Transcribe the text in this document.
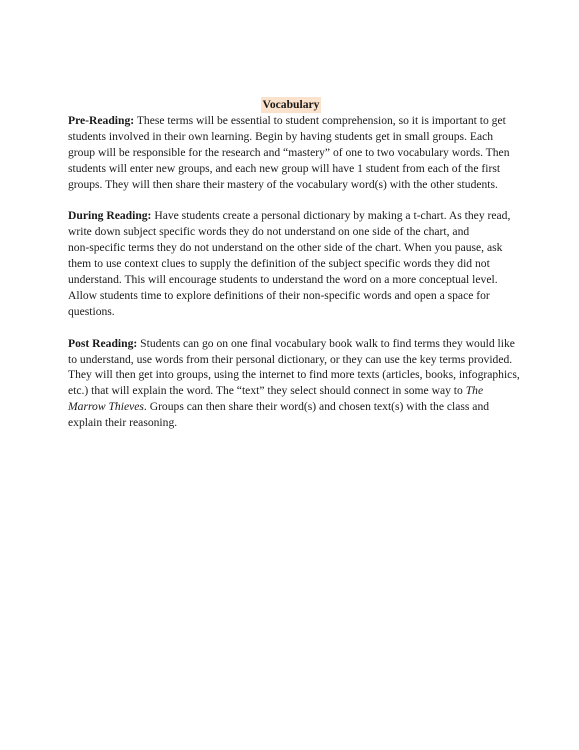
Vocabulary
Pre-Reading: These terms will be essential to student comprehension, so it is important to get
students involved in their own learning. Begin by having students get in small groups. Each
group will be responsible for the research and “mastery” of one to two vocabulary words. Then
students will enter new groups, and each new group will have 1 student from each of the first
groups. They will then share their mastery of the vocabulary word(s) with the other students.
During Reading: Have students create a personal dictionary by making a t-chart. As they read,
write down subject specific words they do not understand on one side of the chart, and
non-specific terms they do not understand on the other side of the chart. When you pause, ask
them to use context clues to supply the definition of the subject specific words they did not
understand. This will encourage students to understand the word on a more conceptual level.
Allow students time to explore definitions of their non-specific words and open a space for
questions.
Post Reading: Students can go on one final vocabulary book walk to find terms they would like
to understand, use words from their personal dictionary, or they can use the key terms provided.
They will then get into groups, using the internet to find more texts (articles, books, infographics,
etc.) that will explain the word. The “text” they select should connect in some way to The
Marrow Thieves. Groups can then share their word(s) and chosen text(s) with the class and
explain their reasoning.
